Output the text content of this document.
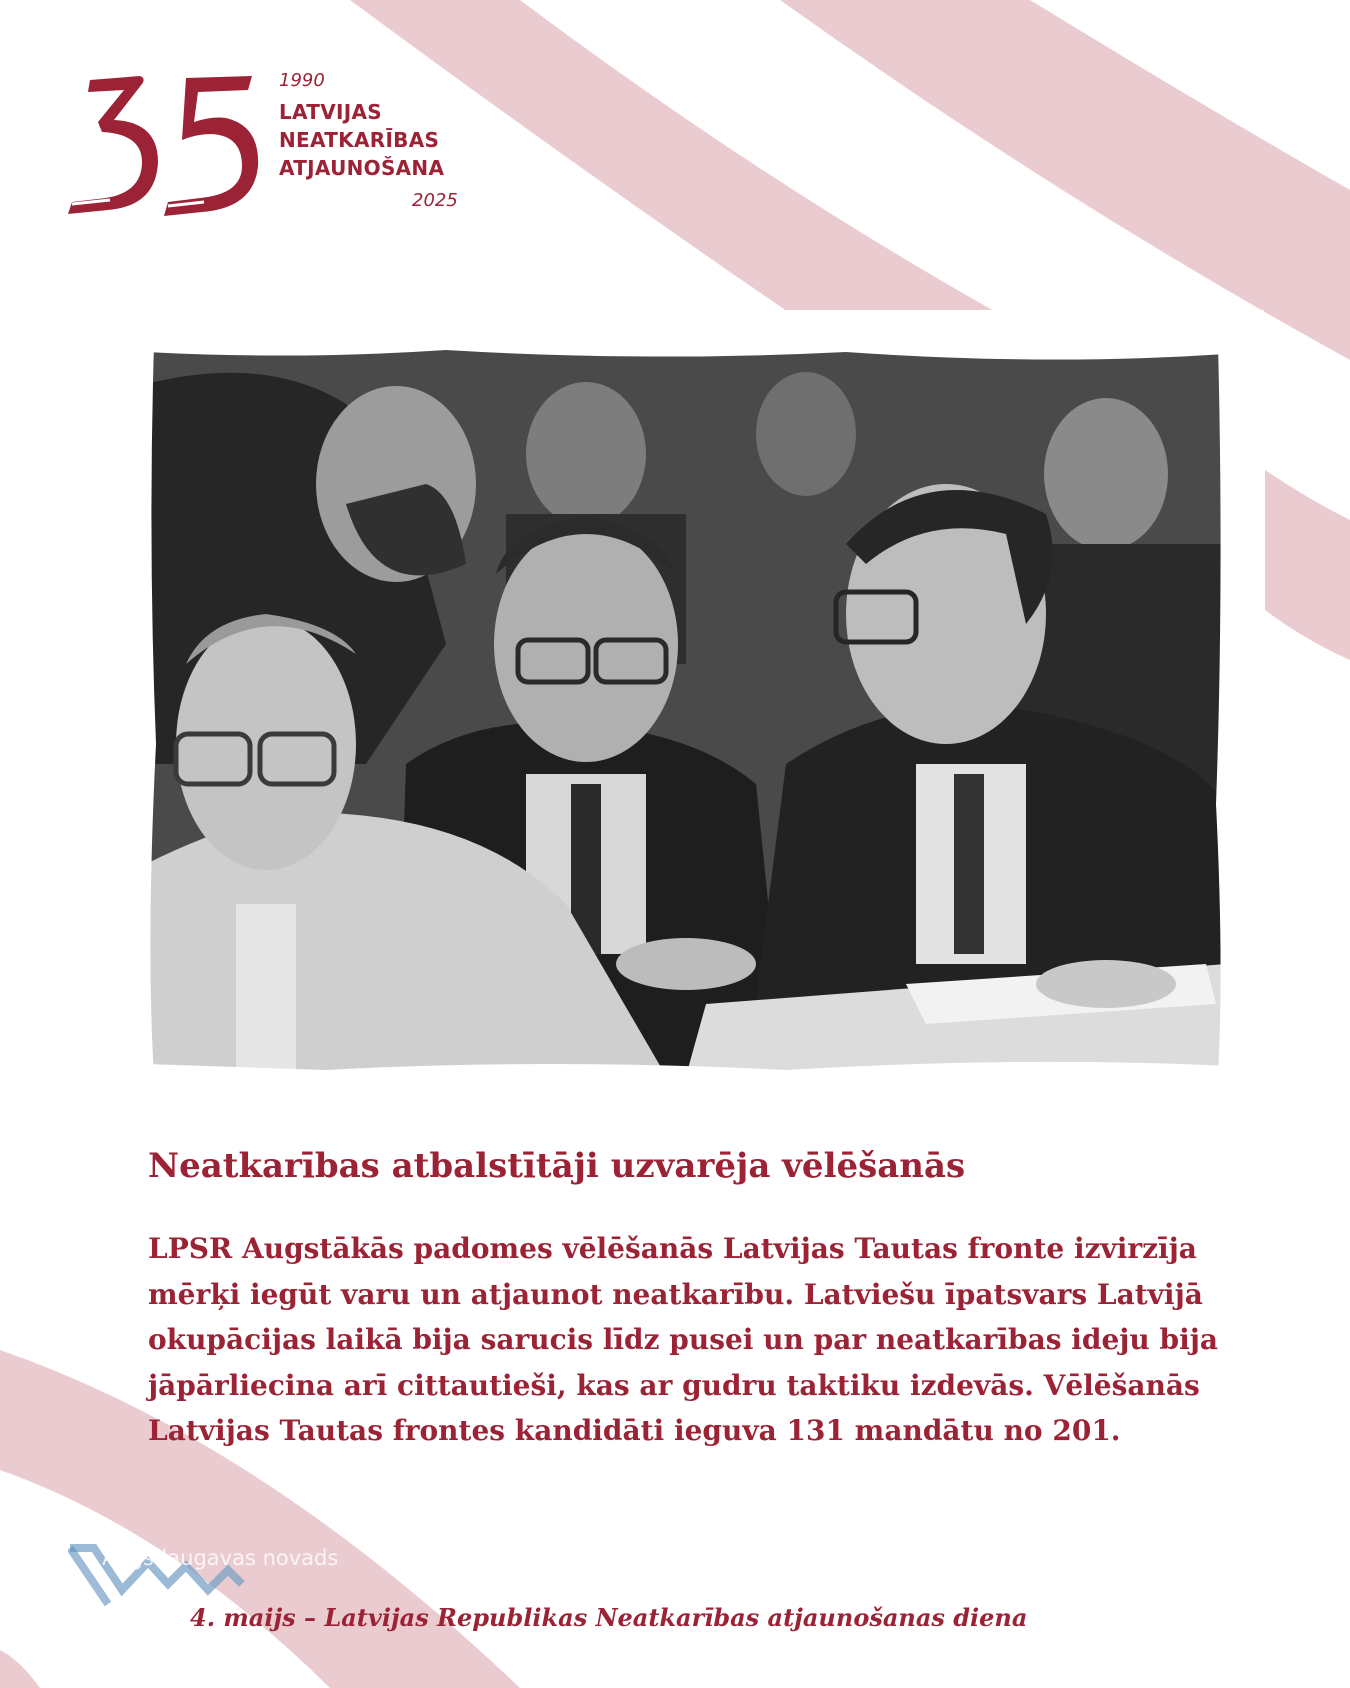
1990
LATVIJAS
NEATKARĪBAS
ATJAUNOŠANA
2025
Neatkarības atbalstītāji uzvarēja vēlēšanās

LPSR Augstākās padomes vēlēšanās Latvijas Tautas fronte izvirzīja mērķi iegūt varu un atjaunot neatkarību. Latviešu īpatsvars Latvijā okupācijas laikā bija sarucis līdz pusei un par neatkarības ideju bija jāpārliecina arī cittautieši, kas ar gudru taktiku izdevās. Vēlēšanās Latvijas Tautas frontes kandidāti ieguva 131 mandātu no 201.

Augšdaugavas novads
4. maijs – Latvijas Republikas Neatkarības atjaunošanas diena
